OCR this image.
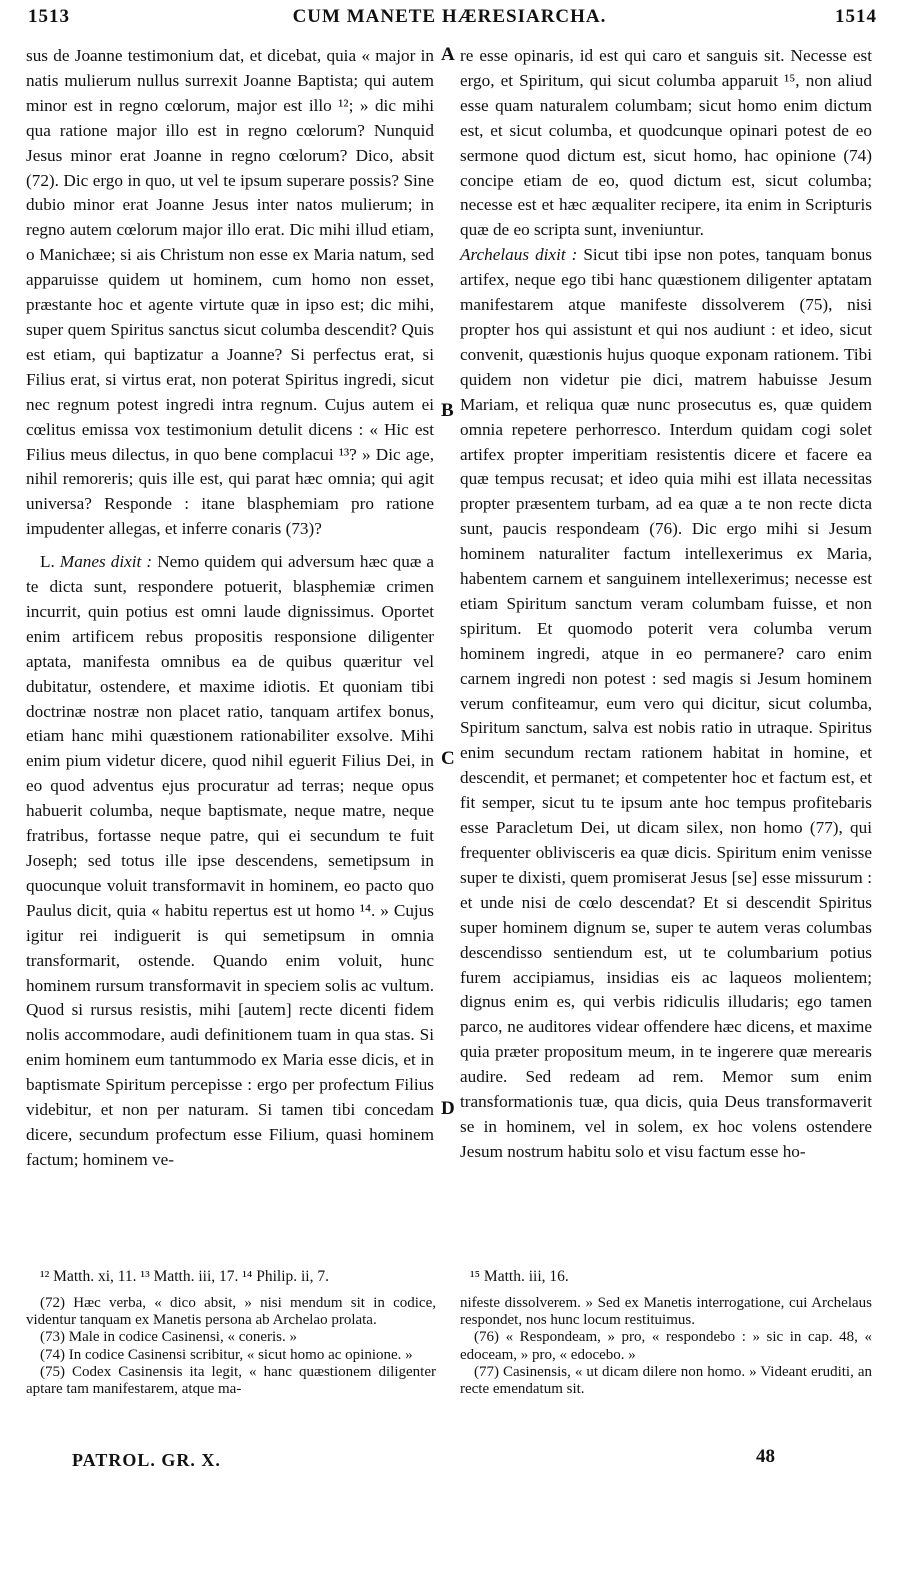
1513	CUM MANETE HÆRESIARCHA.	1514

sus de Joanne testimonium dat, et dicebat, quia « major in natis mulierum nullus surrexit Joanne Baptista; qui autem minor est in regno cœlorum, major est illo ¹²; » dic mihi qua ratione major illo est in regno cœlorum? Nunquid Jesus minor erat Joanne in regno cœlorum? Dico, absit (72). Dic ergo in quo, ut vel te ipsum superare possis? Sine dubio minor erat Joanne Jesus inter natos mulierum; in regno autem cœlorum major illo erat. Dic mihi illud etiam, o Manichæe; si ais Christum non esse ex Maria natum, sed apparuisse quidem ut hominem, cum homo non esset, præstante hoc et agente virtute quæ in ipso est; dic mihi, super quem Spiritus sanctus sicut columba descendit? Quis est etiam, qui baptizatur a Joanne? Si perfectus erat, si Filius erat, si virtus erat, non poterat Spiritus ingredi, sicut nec regnum potest ingredi intra regnum. Cujus autem ei cœlitus emissa vox testimonium detulit dicens : « Hic est Filius meus dilectus, in quo bene complacui ¹³? » Dic age, nihil remoreris; quis ille est, qui parat hæc omnia; qui agit universa? Responde : itane blasphemiam pro ratione impudenter allegas, et inferre conaris (73)?

L. Manes dixit : Nemo quidem qui adversum hæc quæ a te dicta sunt, respondere potuerit, blasphemiæ crimen incurrit, quin potius est omni laude dignissimus. Oportet enim artificem rebus propositis responsione diligenter aptata, manifesta omnibus ea de quibus quæritur vel dubitatur, ostendere, et maxime idiotis. Et quoniam tibi doctrinæ nostræ non placet ratio, tanquam artifex bonus, etiam hanc mihi quæstionem rationabiliter exsolve. Mihi enim pium videtur dicere, quod nihil eguerit Filius Dei, in eo quod adventus ejus procuratur ad terras; neque opus habuerit columba, neque baptismate, neque matre, neque fratribus, fortasse neque patre, qui ei secundum te fuit Joseph; sed totus ille ipse descendens, semetipsum in quocunque voluit transformavit in hominem, eo pacto quo Paulus dicit, quia « habitu repertus est ut homo ¹⁴. » Cujus igitur rei indiguerit is qui semetipsum in omnia transformarit, ostende. Quando enim voluit, hunc hominem rursum transformavit in speciem solis ac vultum. Quod si rursus resistis, mihi [autem] recte dicenti fidem nolis accommodare, audi definitionem tuam in qua stas. Si enim hominem eum tantummodo ex Maria esse dicis, et in baptismate Spiritum percepisse : ergo per profectum Filius videbitur, et non per naturam. Si tamen tibi concedam dicere, secundum profectum esse Filium, quasi hominem factum; hominem ve-

re esse opinaris, id est qui caro et sanguis sit. Necesse est ergo, et Spiritum, qui sicut columba apparuit ¹⁵, non aliud esse quam naturalem columbam; sicut homo enim dictum est, et sicut columba, et quodcunque opinari potest de eo sermone quod dictum est, sicut homo, hac opinione (74) concipe etiam de eo, quod dictum est, sicut columba; necesse est et hæc æqualiter recipere, ita enim in Scripturis quæ de eo scripta sunt, inveniuntur.

Archelaus dixit : Sicut tibi ipse non potes, tanquam bonus artifex, neque ego tibi hanc quæstionem diligenter aptatam manifestarem atque manifeste dissolverem (75), nisi propter hos qui assistunt et qui nos audiunt : et ideo, sicut convenit, quæstionis hujus quoque exponam rationem. Tibi quidem non videtur pie dici, matrem habuisse Jesum Mariam, et reliqua quæ nunc prosecutus es, quæ quidem omnia repetere perhorresco. Interdum quidam cogi solet artifex propter imperitiam resistentis dicere et facere ea quæ tempus recusat; et ideo quia mihi est illata necessitas propter præsentem turbam, ad ea quæ a te non recte dicta sunt, paucis respondeam (76). Dic ergo mihi si Jesum hominem naturaliter factum intellexerimus ex Maria, habentem carnem et sanguinem intellexerimus; necesse est etiam Spiritum sanctum veram columbam fuisse, et non spiritum. Et quomodo poterit vera columba verum hominem ingredi, atque in eo permanere? caro enim carnem ingredi non potest : sed magis si Jesum hominem verum confiteamur, eum vero qui dicitur, sicut columba, Spiritum sanctum, salva est nobis ratio in utraque. Spiritus enim secundum rectam rationem habitat in homine, et descendit, et permanet; et competenter hoc et factum est, et fit semper, sicut tu te ipsum ante hoc tempus profitebaris esse Paracletum Dei, ut dicam silex, non homo (77), qui frequenter oblivisceris ea quæ dicis. Spiritum enim venisse super te dixisti, quem promiserat Jesus [se] esse missurum : et unde nisi de cœlo descendat? Et si descendit Spiritus super hominem dignum se, super te autem veras columbas descendisso sentiendum est, ut te columbarium potius furem accipiamus, insidias eis ac laqueos molientem; dignus enim es, qui verbis ridiculis illudaris; ego tamen parco, ne auditores videar offendere hæc dicens, et maxime quia præter propositum meum, in te ingerere quæ merearis audire. Sed redeam ad rem. Memor sum enim transformationis tuæ, qua dicis, quia Deus transformaverit se in hominem, vel in solem, ex hoc volens ostendere Jesum nostrum habitu solo et visu factum esse ho-

A
B
C
D
¹² Matth. xi, 11. ¹³ Matth. iii, 17. ¹⁴ Philip. ii, 7.	¹⁵ Matth. iii, 16.

(72) Hæc verba, « dico absit, » nisi mendum sit in codice, videntur tanquam ex Manetis persona ab Archelao prolata.

(73) Male in codice Casinensi, « coneris. »

(74) In codice Casinensi scribitur, « sicut homo ac opinione. »

(75) Codex Casinensis ita legit, « hanc quæstionem diligenter aptare tam manifestarem, atque ma-

nifeste dissolverem. » Sed ex Manetis interrogatione, cui Archelaus respondet, nos hunc locum restituimus.

(76) « Respondeam, » pro, « respondebo : » sic in cap. 48, « edoceam, » pro, « edocebo. »

(77) Casinensis, « ut dicam dilere non homo. » Videant eruditi, an recte emendatum sit.

PATROL. GR. X.	48
